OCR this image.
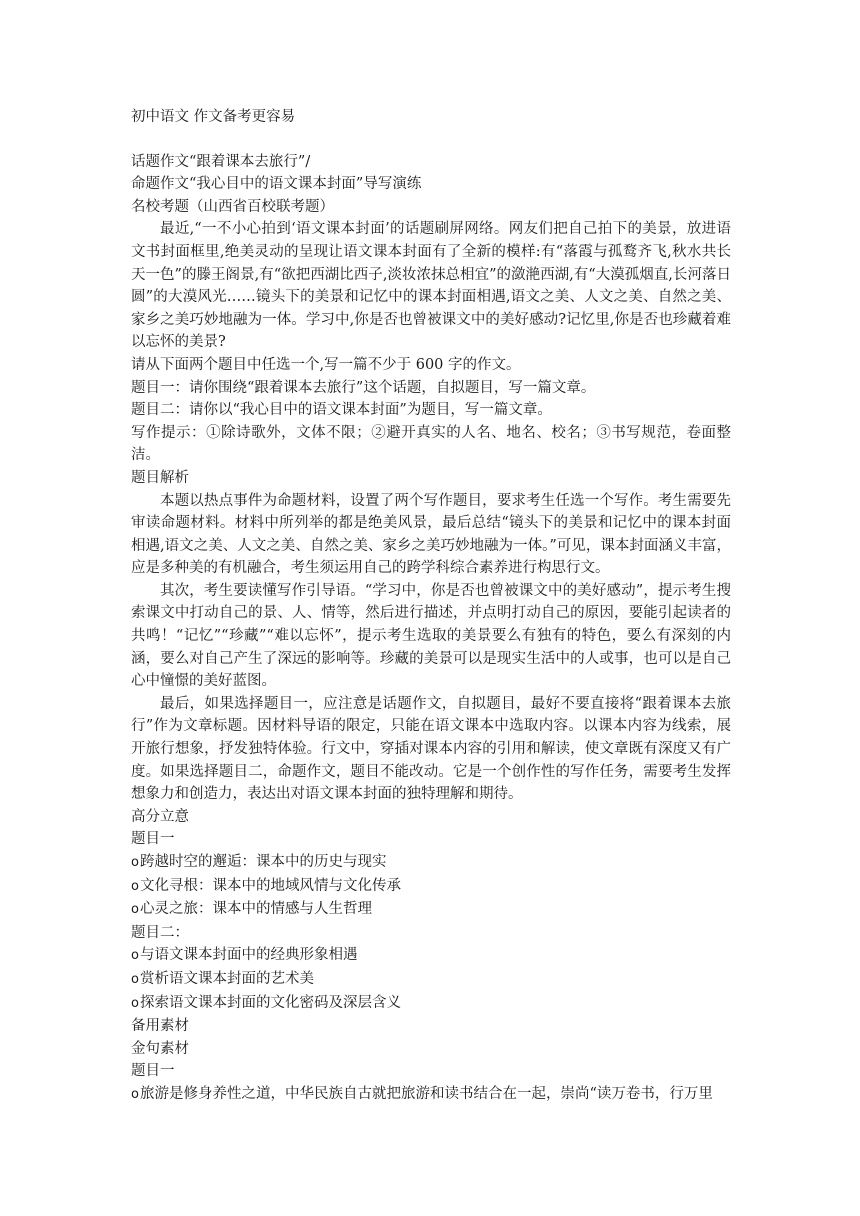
初中语文 作文备考更容易

话题作文“跟着课本去旅行”/

命题作文“我心目中的语文课本封面”导写演练

名校考题（山西省百校联考题）

最近,“一不小心拍到‘语文课本封面’的话题刷屏网络。网友们把自己拍下的美景，放进语文书封面框里,绝美灵动的呈现让语文课本封面有了全新的模样:有“落霞与孤鹜齐飞,秋水共长天一色”的滕王阁景,有“欲把西湖比西子,淡妆浓抹总相宜”的潋滟西湖,有“大漠孤烟直,长河落日圆”的大漠风光……镜头下的美景和记忆中的课本封面相遇,语文之美、人文之美、自然之美、家乡之美巧妙地融为一体。学习中,你是否也曾被课文中的美好感动?记忆里,你是否也珍藏着难以忘怀的美景?

请从下面两个题目中任选一个,写一篇不少于 600 字的作文。

题目一：请你围绕“跟着课本去旅行”这个话题，自拟题目，写一篇文章。

题目二：请你以“我心目中的语文课本封面”为题目，写一篇文章。

写作提示：①除诗歌外，文体不限；②避开真实的人名、地名、校名；③书写规范，卷面整洁。

题目解析

本题以热点事件为命题材料，设置了两个写作题目，要求考生任选一个写作。考生需要先审读命题材料。材料中所列举的都是绝美风景，最后总结“镜头下的美景和记忆中的课本封面相遇,语文之美、人文之美、自然之美、家乡之美巧妙地融为一体。”可见，课本封面涵义丰富，应是多种美的有机融合，考生须运用自己的跨学科综合素养进行构思行文。

其次，考生要读懂写作引导语。“学习中，你是否也曾被课文中的美好感动”，提示考生搜索课文中打动自己的景、人、情等，然后进行描述，并点明打动自己的原因，要能引起读者的共鸣！“记忆”“珍藏”“难以忘怀”，提示考生选取的美景要么有独有的特色，要么有深刻的内涵，要么对自己产生了深远的影响等。珍藏的美景可以是现实生活中的人或事，也可以是自己心中憧憬的美好蓝图。

最后，如果选择题目一，应注意是话题作文，自拟题目，最好不要直接将“跟着课本去旅行”作为文章标题。因材料导语的限定，只能在语文课本中选取内容。以课本内容为线索，展开旅行想象，抒发独特体验。行文中，穿插对课本内容的引用和解读，使文章既有深度又有广度。如果选择题目二，命题作文，题目不能改动。它是一个创作性的写作任务，需要考生发挥想象力和创造力，表达出对语文课本封面的独特理解和期待。

高分立意

题目一

o 跨越时空的邂逅：课本中的历史与现实

o 文化寻根：课本中的地域风情与文化传承

o 心灵之旅：课本中的情感与人生哲理

题目二：

o 与语文课本封面中的经典形象相遇

o 赏析语文课本封面的艺术美

o 探索语文课本封面的文化密码及深层含义

备用素材

金句素材

题目一

o 旅游是修身养性之道，中华民族自古就把旅游和读书结合在一起，崇尚“读万卷书，行万里
